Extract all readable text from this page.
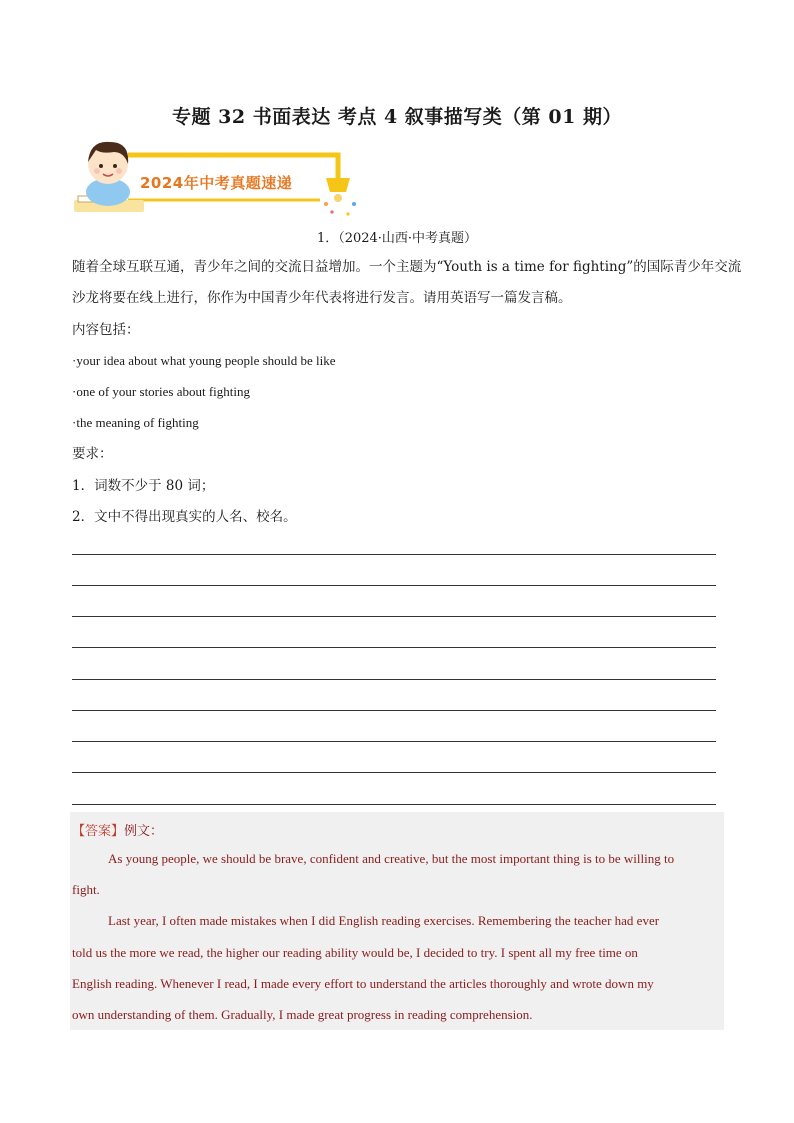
专题 32 书面表达 考点 4 叙事描写类（第 01 期）
2024年中考真题速递
1．（2024·山西·中考真题）
随着全球互联互通，青少年之间的交流日益增加。一个主题为“Youth is a time for fighting”的国际青少年交流
沙龙将要在线上进行，你作为中国青少年代表将进行发言。请用英语写一篇发言稿。
内容包括：
·your idea about what young people should be like
·one of your stories about fighting
·the meaning of fighting
要求：
1．词数不少于 80 词；
2．文中不得出现真实的人名、校名。
【答案】例文：
As young people, we should be brave, confident and creative, but the most important thing is to be willing to
fight.
Last year, I often made mistakes when I did English reading exercises. Remembering the teacher had ever
told us the more we read, the higher our reading ability would be, I decided to try. I spent all my free time on
English reading. Whenever I read, I made every effort to understand the articles thoroughly and wrote down my
own understanding of them. Gradually, I made great progress in reading comprehension.
